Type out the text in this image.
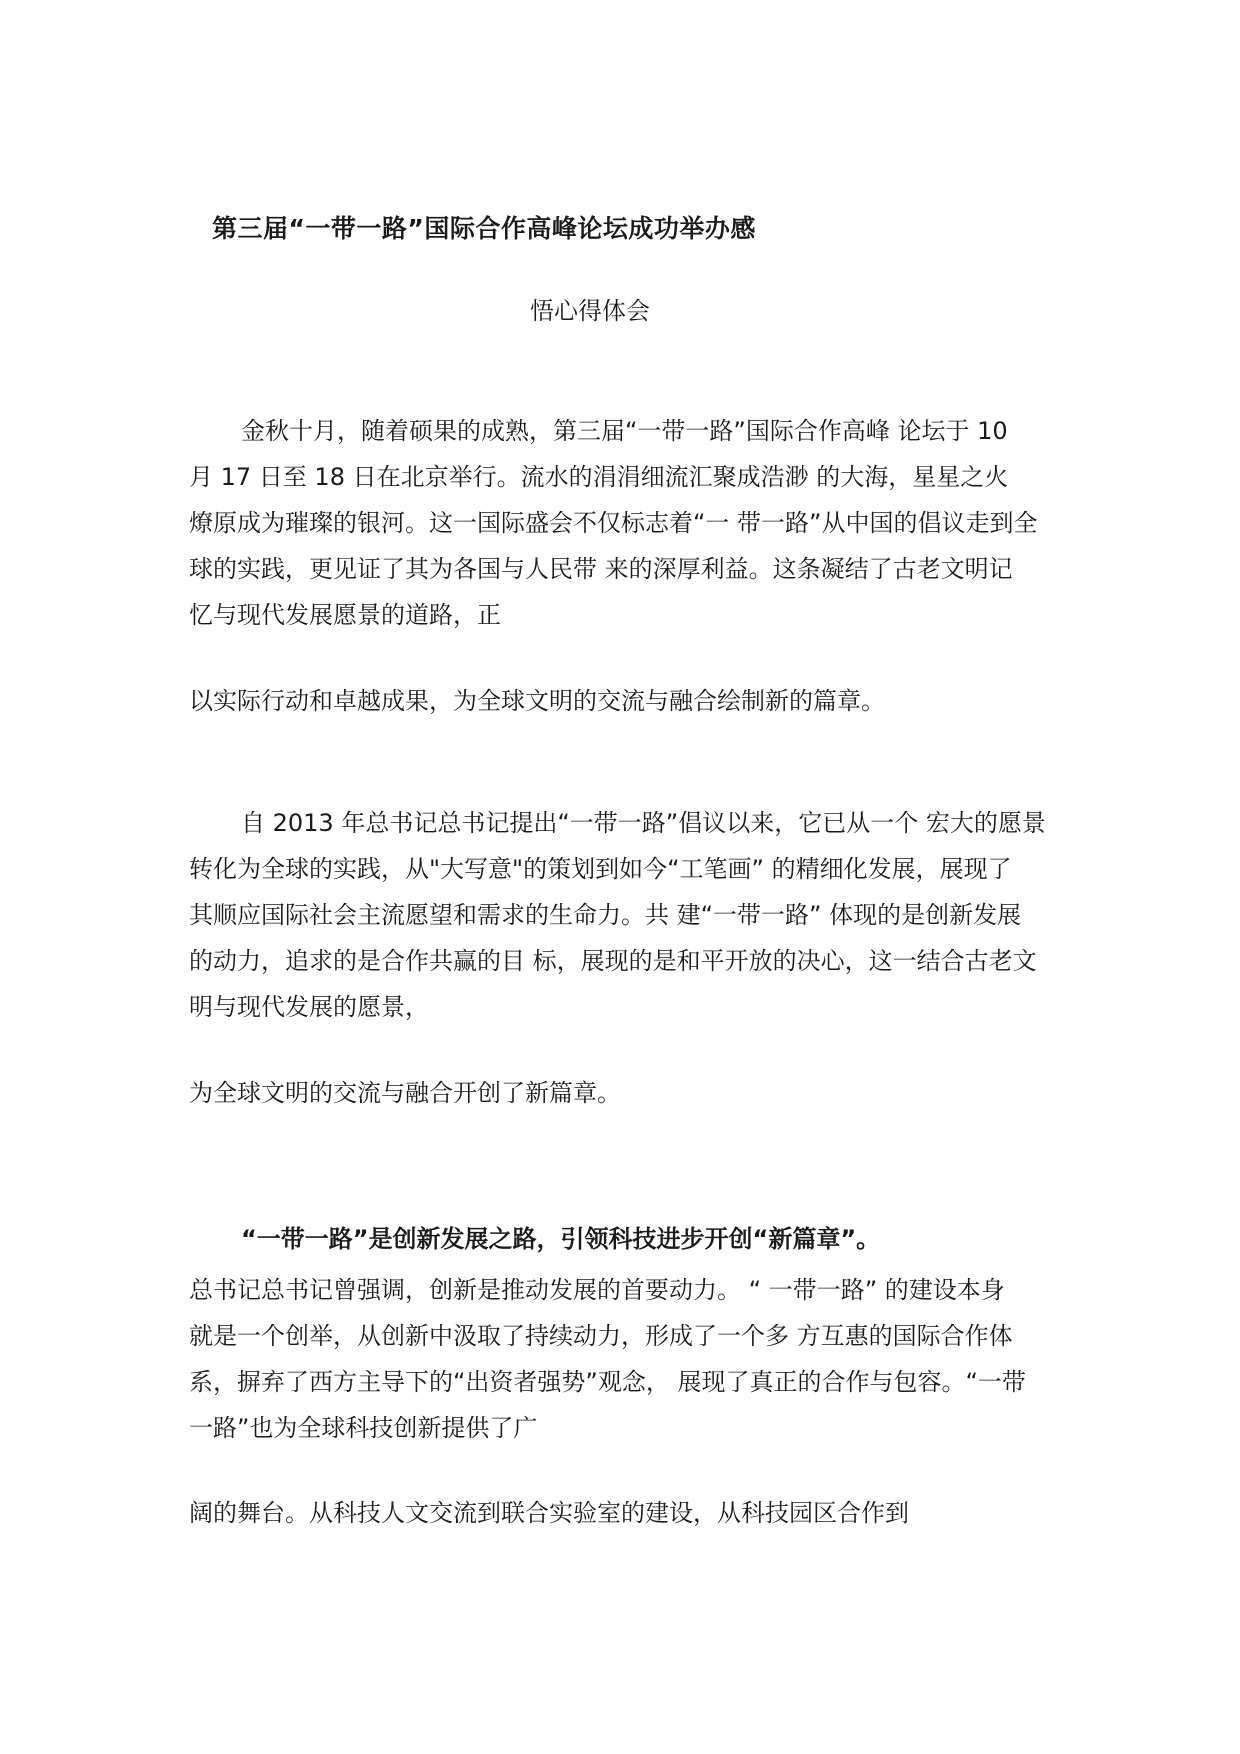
第三届“一带一路”国际合作高峰论坛成功举办感
悟心得体会
金秋十月，随着硕果的成熟，第三届“一带一路”国际合作高峰 论坛于 10
月 17 日至 18 日在北京举行。流水的涓涓细流汇聚成浩渺 的大海，星星之火
燎原成为璀璨的银河。这一国际盛会不仅标志着“一 带一路”从中国的倡议走到全
球的实践，更见证了其为各国与人民带 来的深厚利益。这条凝结了古老文明记
忆与现代发展愿景的道路，正
以实际行动和卓越成果，为全球文明的交流与融合绘制新的篇章。
自 2013 年总书记总书记提出“一带一路”倡议以来，它已从一个 宏大的愿景
转化为全球的实践，从"大写意"的策划到如今“工笔画” 的精细化发展，展现了
其顺应国际社会主流愿望和需求的生命力。共 建“一带一路” 体现的是创新发展
的动力，追求的是合作共赢的目 标，展现的是和平开放的决心，这一结合古老文
明与现代发展的愿景，
为全球文明的交流与融合开创了新篇章。
“一带一路”是创新发展之路，引领科技进步开创“新篇章”。
总书记总书记曾强调，创新是推动发展的首要动力。 “ 一带一路” 的建设本身
就是一个创举，从创新中汲取了持续动力，形成了一个多 方互惠的国际合作体
系，摒弃了西方主导下的“出资者强势”观念， 展现了真正的合作与包容。“一带
一路”也为全球科技创新提供了广
阔的舞台。从科技人文交流到联合实验室的建设，从科技园区合作到
